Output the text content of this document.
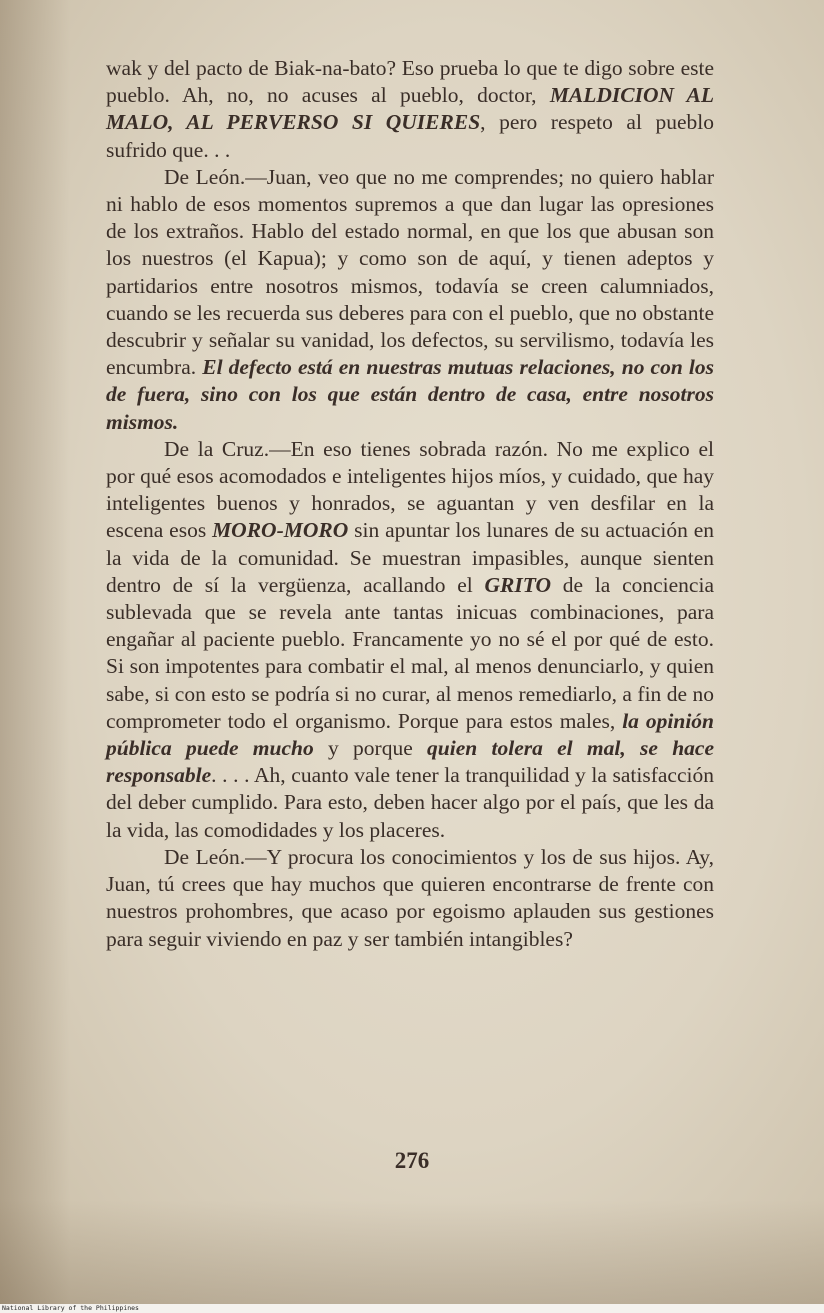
wak y del pacto de Biak-na-bato? Eso prueba lo que te digo sobre este pueblo. Ah, no, no acuses al pueblo, doctor, MALDICION AL MALO, AL PERVERSO SI QUIERES, pero respeto al pueblo sufrido que. . .

De León.—Juan, veo que no me comprendes; no quiero hablar ni hablo de esos momentos supremos a que dan lugar las opresiones de los extraños. Hablo del estado normal, en que los que abusan son los nuestros (el Kapua); y como son de aquí, y tienen adeptos y partidarios entre nosotros mismos, todavía se creen calumniados, cuando se les recuerda sus deberes para con el pueblo, que no obstante descubrir y señalar su vanidad, los defectos, su servilismo, todavía les encumbra. El defecto está en nuestras mutuas relaciones, no con los de fuera, sino con los que están dentro de casa, entre nosotros mismos.

De la Cruz.—En eso tienes sobrada razón. No me explico el por qué esos acomodados e inteligentes hijos míos, y cuidado, que hay inteligentes buenos y honrados, se aguantan y ven desfilar en la escena esos MORO-MORO sin apuntar los lunares de su actuación en la vida de la comunidad. Se muestran impasibles, aunque sienten dentro de sí la vergüenza, acallando el GRITO de la conciencia sublevada que se revela ante tantas inicuas combinaciones, para engañar al paciente pueblo. Francamente yo no sé el por qué de esto. Si son impotentes para combatir el mal, al menos denunciarlo, y quien sabe, si con esto se podría si no curar, al menos remediarlo, a fin de no comprometer todo el organismo. Porque para estos males, la opinión pública puede mucho y porque quien tolera el mal, se hace responsable. . . . Ah, cuanto vale tener la tranquilidad y la satisfacción del deber cumplido. Para esto, deben hacer algo por el país, que les da la vida, las comodidades y los placeres.

De León.—Y procura los conocimientos y los de sus hijos. Ay, Juan, tú crees que hay muchos que quieren encontrarse de frente con nuestros prohombres, que acaso por egoismo aplauden sus gestiones para seguir viviendo en paz y ser también intangibles?

276
National Library of the Philippines
